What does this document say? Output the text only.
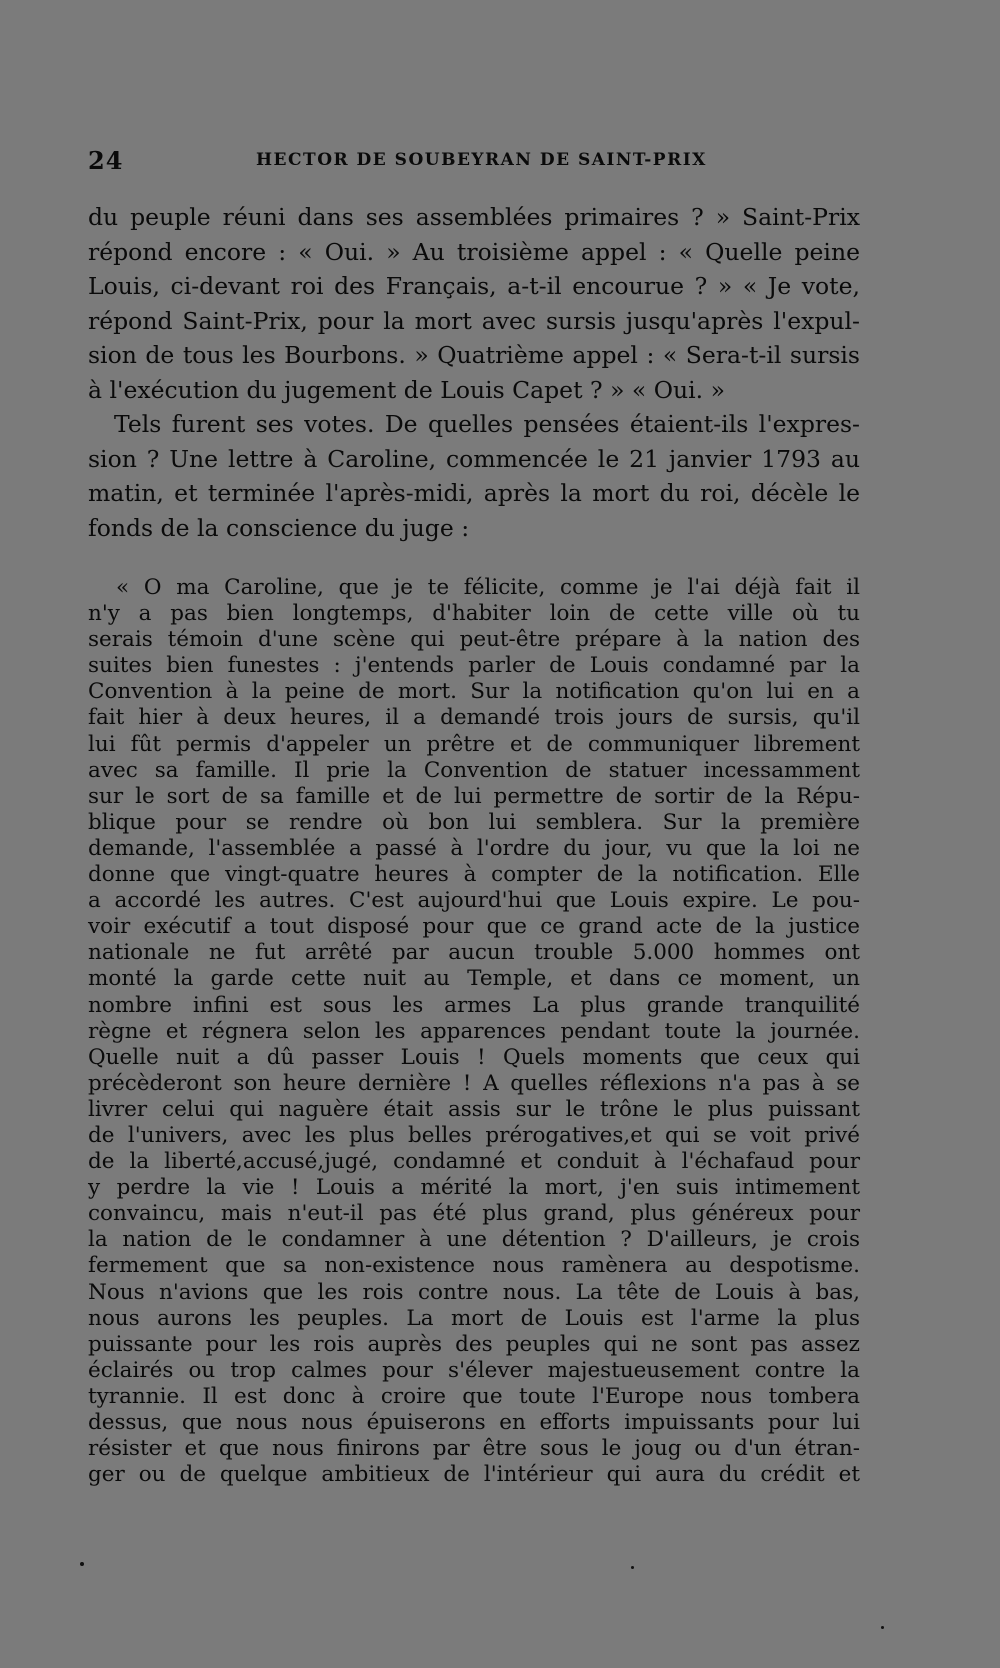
24	HECTOR DE SOUBEYRAN DE SAINT-PRIX
du peuple réuni dans ses assemblées primaires ? » Saint-Prix
répond encore : « Oui. » Au troisième appel : « Quelle peine
Louis, ci-devant roi des Français, a-t-il encourue ? » « Je vote,
répond Saint-Prix, pour la mort avec sursis jusqu'après l'expul-
sion de tous les Bourbons. » Quatrième appel : « Sera-t-il sursis
à l'exécution du jugement de Louis Capet ? » « Oui. »
Tels furent ses votes. De quelles pensées étaient-ils l'expres-
sion ? Une lettre à Caroline, commencée le 21 janvier 1793 au
matin, et terminée l'après-midi, après la mort du roi, décèle le
fonds de la conscience du juge :
« O ma Caroline, que je te félicite, comme je l'ai déjà fait il
n'y a pas bien longtemps, d'habiter loin de cette ville où tu
serais témoin d'une scène qui peut-être prépare à la nation des
suites bien funestes : j'entends parler de Louis condamné par la
Convention à la peine de mort. Sur la notification qu'on lui en a
fait hier à deux heures, il a demandé trois jours de sursis, qu'il
lui fût permis d'appeler un prêtre et de communiquer librement
avec sa famille. Il prie la Convention de statuer incessamment
sur le sort de sa famille et de lui permettre de sortir de la Répu-
blique pour se rendre où bon lui semblera. Sur la première
demande, l'assemblée a passé à l'ordre du jour, vu que la loi ne
donne que vingt-quatre heures à compter de la notification. Elle
a accordé les autres. C'est aujourd'hui que Louis expire. Le pou-
voir exécutif a tout disposé pour que ce grand acte de la justice
nationale ne fut arrêté par aucun trouble 5.000 hommes ont
monté la garde cette nuit au Temple, et dans ce moment, un
nombre infini est sous les armes La plus grande tranquilité
règne et régnera selon les apparences pendant toute la journée.
Quelle nuit a dû passer Louis ! Quels moments que ceux qui
précèderont son heure dernière ! A quelles réflexions n'a pas à se
livrer celui qui naguère était assis sur le trône le plus puissant
de l'univers, avec les plus belles prérogatives,et qui se voit privé
de la liberté,accusé,jugé, condamné et conduit à l'échafaud pour
y perdre la vie ! Louis a mérité la mort, j'en suis intimement
convaincu, mais n'eut-il pas été plus grand, plus généreux pour
la nation de le condamner à une détention ? D'ailleurs, je crois
fermement que sa non-existence nous ramènera au despotisme.
Nous n'avions que les rois contre nous. La tête de Louis à bas,
nous aurons les peuples. La mort de Louis est l'arme la plus
puissante pour les rois auprès des peuples qui ne sont pas assez
éclairés ou trop calmes pour s'élever majestueusement contre la
tyrannie. Il est donc à croire que toute l'Europe nous tombera
dessus, que nous nous épuiserons en efforts impuissants pour lui
résister et que nous finirons par être sous le joug ou d'un étran-
ger ou de quelque ambitieux de l'intérieur qui aura du crédit et
